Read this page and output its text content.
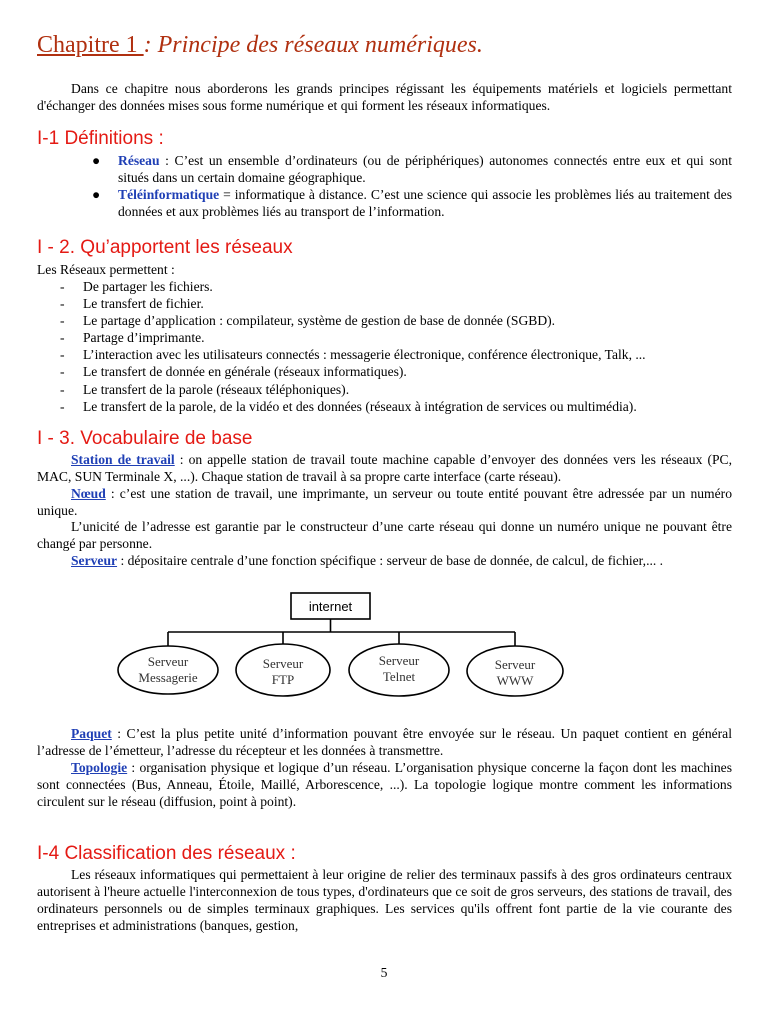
Chapitre 1 : Principe des réseaux numériques.

Dans ce chapitre nous aborderons les grands principes régissant les équipements matériels et logiciels permettant d'échanger des données mises sous forme numérique et qui forment les réseaux informatiques.

I-1 Définitions :
● Réseau : C’est un ensemble d’ordinateurs (ou de périphériques) autonomes connectés entre eux et qui sont situés dans un certain domaine géographique.
● Téléinformatique = informatique à distance. C’est une science qui associe les problèmes liés au traitement des données et aux problèmes liés au transport de l’information.
I - 2. Qu’apportent les réseaux

Les Réseaux permettent :

- De partager les fichiers.
- Le transfert de fichier.
- Le partage d’application : compilateur, système de gestion de base de donnée (SGBD).
- Partage d’imprimante.
- L’interaction avec les utilisateurs connectés : messagerie électronique, conférence électronique, Talk, ...
- Le transfert de donnée en générale (réseaux informatiques).
- Le transfert de la parole (réseaux téléphoniques).
- Le transfert de la parole, de la vidéo et des données (réseaux à intégration de services ou multimédia).
I - 3. Vocabulaire de base

Station de travail : on appelle station de travail toute machine capable d’envoyer des données vers les réseaux (PC, MAC, SUN Terminale X, ...). Chaque station de travail à sa propre carte interface (carte réseau).

Nœud : c’est une station de travail, une imprimante, un serveur ou toute entité pouvant être adressée par un numéro unique.

L’unicité de l’adresse est garantie par le constructeur d’une carte réseau qui donne un numéro unique ne pouvant être changé par personne.

Serveur : dépositaire centrale d’une fonction spécifique : serveur de base de donnée, de calcul, de fichier,... .

internet
Serveur
Messagerie
Serveur
FTP
Serveur
Telnet
Serveur
WWW

Paquet : C’est la plus petite unité d’information pouvant être envoyée sur le réseau. Un paquet contient en général l’adresse de l’émetteur, l’adresse du récepteur et les données à transmettre.

Topologie : organisation physique et logique d’un réseau. L’organisation physique concerne la façon dont les machines sont connectées (Bus, Anneau, Étoile, Maillé, Arborescence, ...). La topologie logique montre comment les informations circulent sur le réseau (diffusion, point à point).

I-4 Classification des réseaux :

Les réseaux informatiques qui permettaient à leur origine de relier des terminaux passifs à des gros ordinateurs centraux autorisent à l'heure actuelle l'interconnexion de tous types, d'ordinateurs que ce soit de gros serveurs, des stations de travail, des ordinateurs personnels ou de simples terminaux graphiques. Les services qu'ils offrent font partie de la vie courante des entreprises et administrations (banques, gestion,

5
